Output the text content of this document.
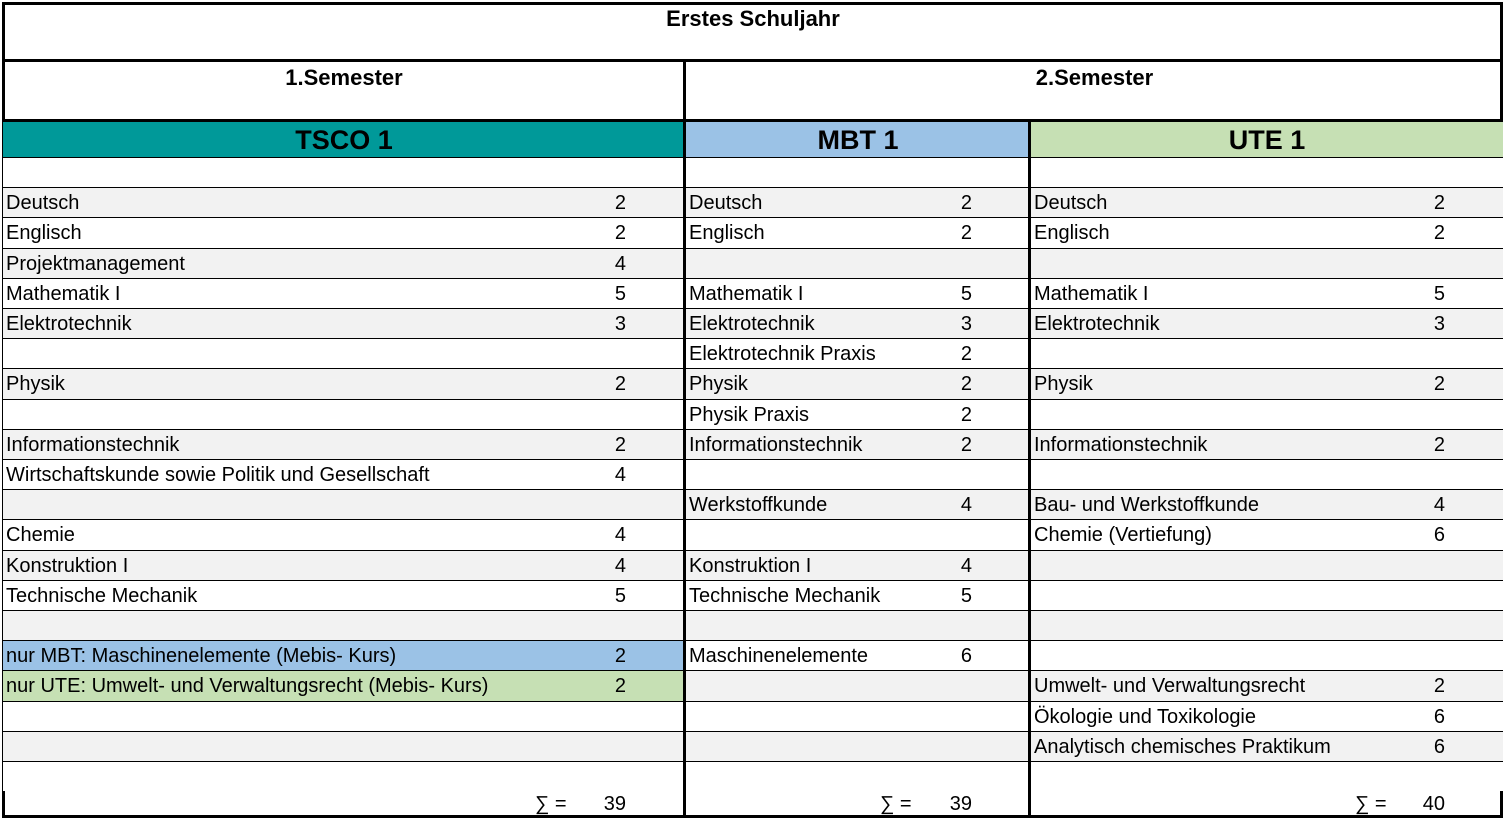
Erstes Schuljahr
1.Semester	2.Semester
TSCO 1
Deutsch	2
Englisch	2
Projektmanagement	4
Mathematik I	5
Elektrotechnik	3
Physik	2
Informationstechnik	2
Wirtschaftskunde sowie Politik und Gesellschaft	4
Chemie	4
Konstruktion I	4
Technische Mechanik	5
nur MBT: Maschinenelemente (Mebis- Kurs)	2
nur UTE: Umwelt- und Verwaltungsrecht (Mebis- Kurs)	2
∑ =	39
MBT 1
Deutsch	2
Englisch	2
Mathematik I	5
Elektrotechnik	3
Elektrotechnik Praxis	2
Physik	2
Physik Praxis	2
Informationstechnik	2
Werkstoffkunde	4
Konstruktion I	4
Technische Mechanik	5
Maschinenelemente	6
∑ =	39
UTE 1
Deutsch	2
Englisch	2
Mathematik I	5
Elektrotechnik	3
Physik	2
Informationstechnik	2
Bau- und Werkstoffkunde	4
Chemie (Vertiefung)	6
Umwelt- und Verwaltungsrecht	2
Ökologie und Toxikologie	6
Analytisch chemisches Praktikum	6
∑ =	40
